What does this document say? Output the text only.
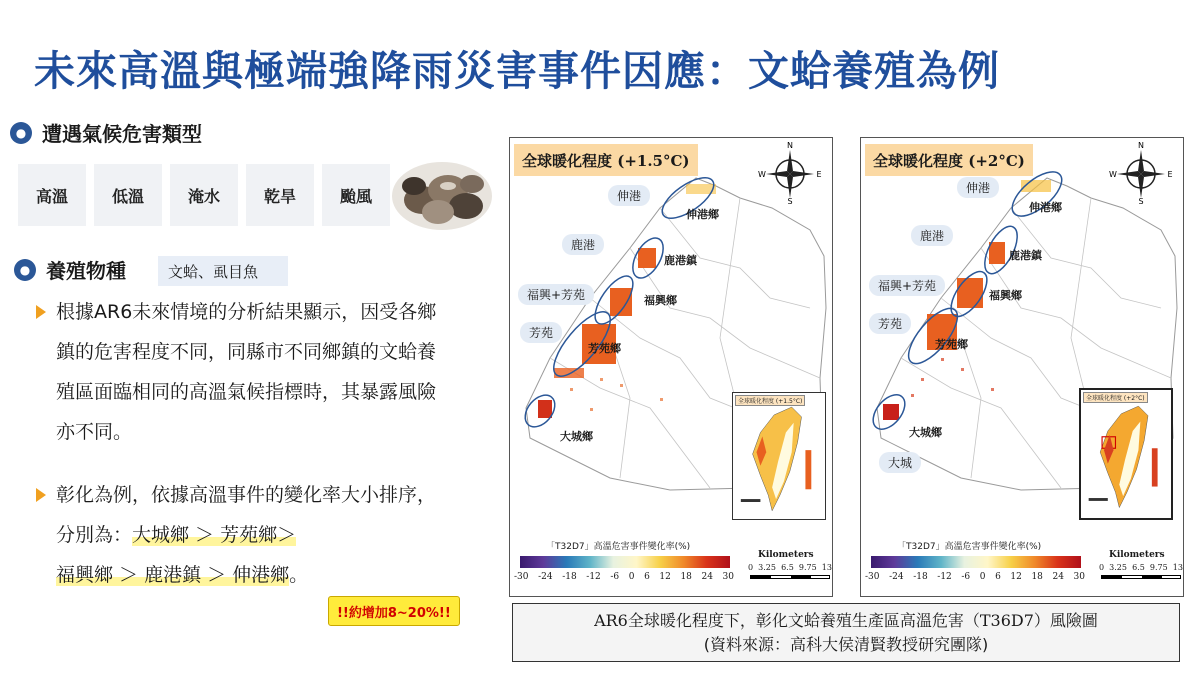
未來高溫與極端強降雨災害事件因應：文蛤養殖為例
● 遭遇氣候危害類型
高溫	低溫	淹水	乾旱	颱風
● 養殖物種	文蛤、虱目魚
根據AR6未來情境的分析結果顯示，因受各鄉鎮的危害程度不同，同縣市不同鄉鎮的文蛤養殖區面臨相同的高溫氣候指標時，其暴露風險亦不同。
彰化為例，依據高溫事件的變化率大小排序，分別為：大城鄉 ＞ 芳苑鄉＞
福興鄉 ＞ 鹿港鎮 ＞ 伸港鄉。
!!約增加8~20%!!
全球暖化程度 (+1.5°C)
N
W	E
S
伸港
鹿港
福興+芳苑
芳苑
伸港鄉
鹿港鎮
福興鄉
芳苑鄉
大城鄉
全球暖化程度 (+1.5°C)
「T32D7」高溫危害事件變化率(%)
-30 -24 -18 -12 -6 0 6 12 18 24 30
Kilometers
0 3.25 6.5 9.75 13
全球暖化程度 (+2°C)
N
W	E
S
伸港
鹿港
福興+芳苑
芳苑
大城
伸港鄉
鹿港鎮
福興鄉
芳苑鄉
大城鄉
全球暖化程度 (+2°C)
「T32D7」高溫危害事件變化率(%)
-30 -24 -18 -12 -6 0 6 12 18 24 30
Kilometers
0 3.25 6.5 9.75 13
AR6全球暖化程度下，彰化文蛤養殖生產區高溫危害（T36D7）風險圖
(資料來源：高科大侯清賢教授研究團隊)
